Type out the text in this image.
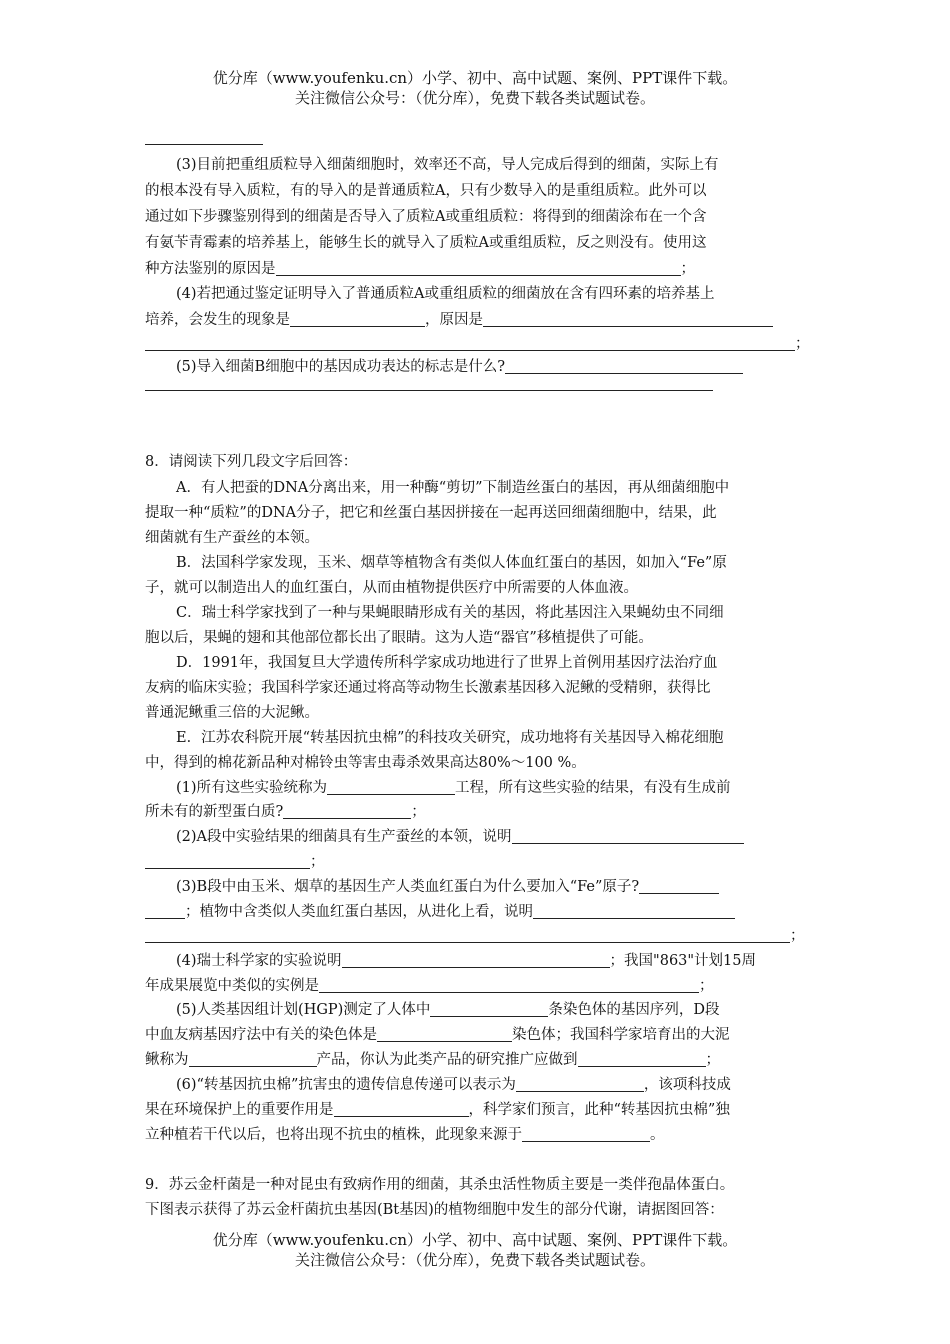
优分库（www.youfenku.cn）小学、初中、高中试题、案例、PPT课件下载。
关注微信公众号：（优分库），免费下载各类试题试卷。
(3)目前把重组质粒导入细菌细胞时，效率还不高，导人完成后得到的细菌，实际上有
的根本没有导入质粒，有的导入的是普通质粒A，只有少数导入的是重组质粒。此外可以
通过如下步骤鉴别得到的细菌是否导入了质粒A或重组质粒：将得到的细菌涂布在一个含
有氨苄青霉素的培养基上，能够生长的就导入了质粒A或重组质粒，反之则没有。使用这
种方法鉴别的原因是	；
(4)若把通过鉴定证明导入了普通质粒A或重组质粒的细菌放在含有四环素的培养基上
培养，会发生的现象是	，原因是
；
(5)导入细菌B细胞中的基因成功表达的标志是什么?
8．请阅读下列几段文字后回答：
A．有人把蚕的DNA分离出来，用一种酶“剪切”下制造丝蛋白的基因，再从细菌细胞中
提取一种“质粒”的DNA分子，把它和丝蛋白基因拼接在一起再送回细菌细胞中，结果，此
细菌就有生产蚕丝的本领。
B．法国科学家发现，玉米、烟草等植物含有类似人体血红蛋白的基因，如加入“Fe”原
子，就可以制造出人的血红蛋白，从而由植物提供医疗中所需要的人体血液。
C．瑞士科学家找到了一种与果蝇眼睛形成有关的基因，将此基因注入果蝇幼虫不同细
胞以后，果蝇的翅和其他部位都长出了眼睛。这为人造“器官”移植提供了可能。
D．1991年，我国复旦大学遗传所科学家成功地进行了世界上首例用基因疗法治疗血
友病的临床实验；我国科学家还通过将高等动物生长激素基因移入泥鳅的受精卵，获得比
普通泥鳅重三倍的大泥鳅。
E．江苏农科院开展“转基因抗虫棉”的科技攻关研究，成功地将有关基因导入棉花细胞
中，得到的棉花新品种对棉铃虫等害虫毒杀效果高达80%～100 %。
(1)所有这些实验统称为	工程，所有这些实验的结果，有没有生成前
所未有的新型蛋白质?	；
(2)A段中实验结果的细菌具有生产蚕丝的本领，说明
；
(3)B段中由玉米、烟草的基因生产人类血红蛋白为什么要加入“Fe”原子?
；植物中含类似人类血红蛋白基因，从进化上看，说明
；
(4)瑞士科学家的实验说明	；我国"863"计划15周
年成果展览中类似的实例是	；
(5)人类基因组计划(HGP)测定了人体中	条染色体的基因序列，D段
中血友病基因疗法中有关的染色体是	染色体；我国科学家培育出的大泥
鳅称为	产品，你认为此类产品的研究推广应做到	；
(6)“转基因抗虫棉”抗害虫的遗传信息传递可以表示为	，该项科技成
果在环境保护上的重要作用是	，科学家们预言，此种“转基因抗虫棉”独
立种植若干代以后，也将出现不抗虫的植株，此现象来源于	。
9．苏云金杆菌是一种对昆虫有致病作用的细菌，其杀虫活性物质主要是一类伴孢晶体蛋白。
下图表示获得了苏云金杆菌抗虫基因(Bt基因)的植物细胞中发生的部分代谢，请据图回答：
优分库（www.youfenku.cn）小学、初中、高中试题、案例、PPT课件下载。
关注微信公众号：（优分库），免费下载各类试题试卷。
